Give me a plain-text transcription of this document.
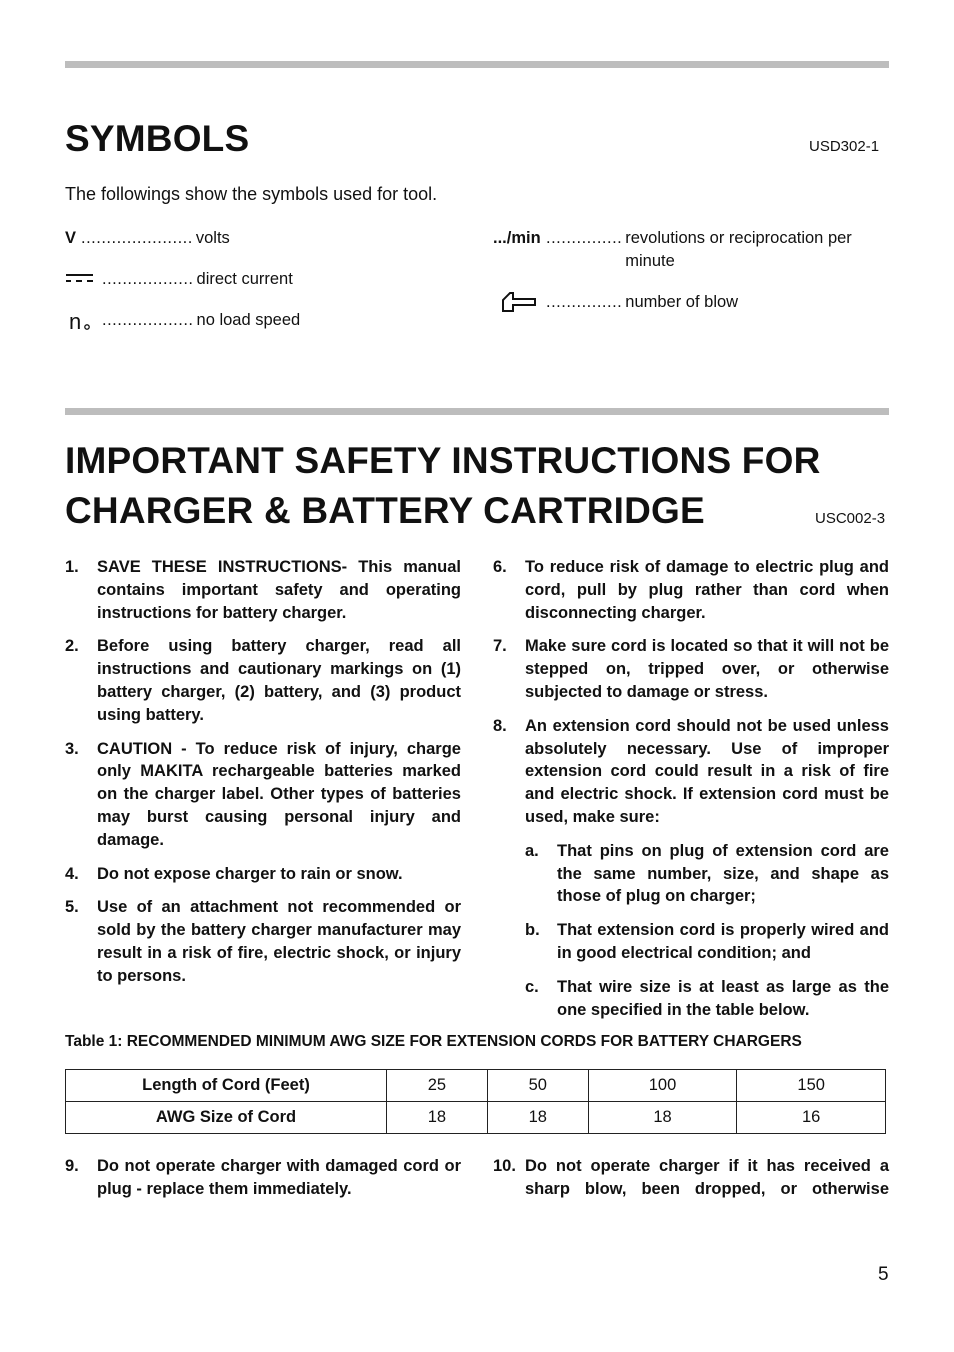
SYMBOLS	USD302-1
The followings show the symbols used for tool.
V ...................... volts
.................. direct current
n .................. no load speed
.../min ............... revolutions or reciprocation per minute
............... number of blow
IMPORTANT SAFETY INSTRUCTIONS FOR
CHARGER & BATTERY CARTRIDGE	USC002-3
1.	SAVE THESE INSTRUCTIONS- This manual contains important safety and operating instructions for battery charger.
2.	Before using battery charger, read all instructions and cautionary markings on (1) battery charger, (2) battery, and (3) product using battery.
3.	CAUTION - To reduce risk of injury, charge only MAKITA rechargeable batteries marked on the charger label. Other types of batteries may burst causing personal injury and damage.
4.	Do not expose charger to rain or snow.
5.	Use of an attachment not recommended or sold by the battery charger manufacturer may result in a risk of fire, electric shock, or injury to persons.
6.	To reduce risk of damage to electric plug and cord, pull by plug rather than cord when disconnecting charger.
7.	Make sure cord is located so that it will not be stepped on, tripped over, or otherwise subjected to damage or stress.
8.	An extension cord should not be used unless absolutely necessary. Use of improper extension cord could result in a risk of fire and electric shock. If extension cord must be used, make sure:
a.	That pins on plug of extension cord are the same number, size, and shape as those of plug on charger;
b.	That extension cord is properly wired and in good electrical condition; and
c.	That wire size is at least as large as the one specified in the table below.
Table 1: RECOMMENDED MINIMUM AWG SIZE FOR EXTENSION CORDS FOR BATTERY CHARGERS
Length of Cord (Feet)	25	50	100	150
AWG Size of Cord	18	18	18	16
9.	Do not operate charger with damaged cord or plug - replace them immediately.
10. Do not operate charger if it has received a sharp blow, been dropped, or otherwise
5
